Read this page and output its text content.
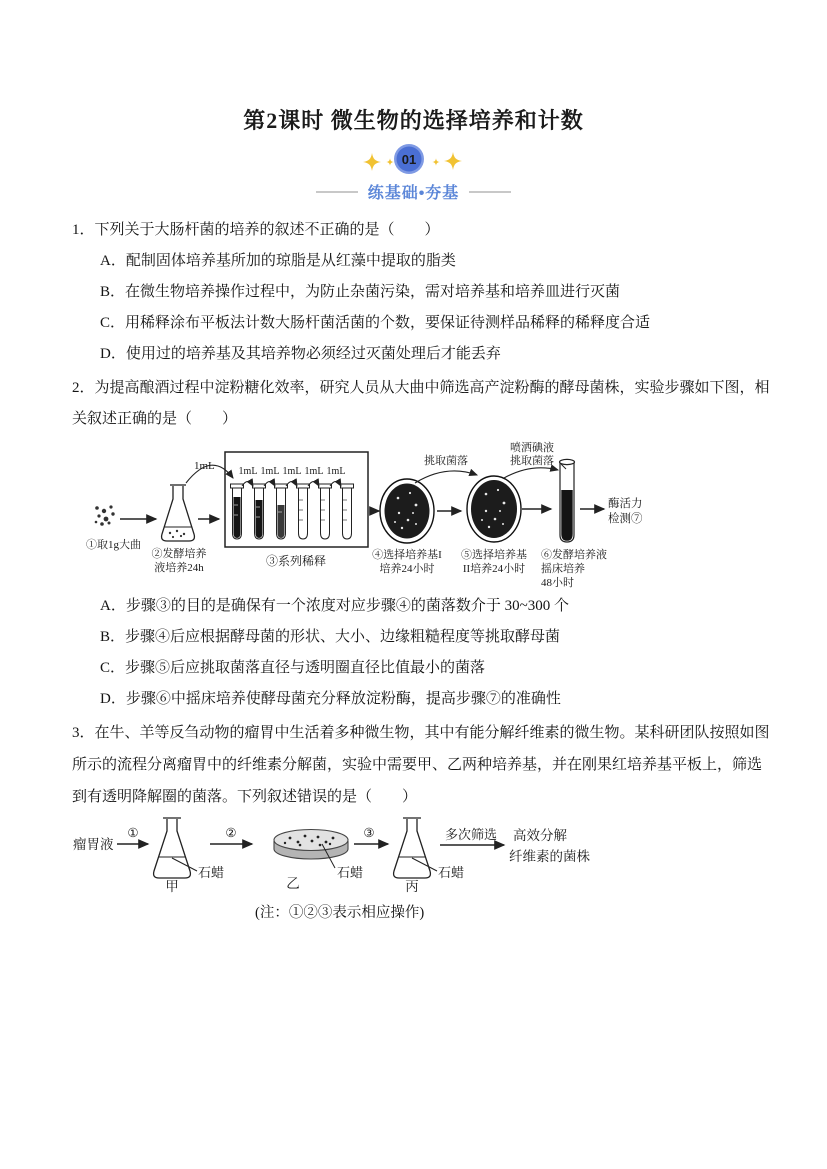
第2课时 微生物的选择培养和计数
01
练基础•夯基
1．下列关于大肠杆菌的培养的叙述不正确的是（　　）
A．配制固体培养基所加的琼脂是从红藻中提取的脂类
B．在微生物培养操作过程中，为防止杂菌污染，需对培养基和培养皿进行灭菌
C．用稀释涂布平板法计数大肠杆菌活菌的个数，要保证待测样品稀释的稀释度合适
D．使用过的培养基及其培养物必须经过灭菌处理后才能丢弃
2．为提高酿酒过程中淀粉糖化效率，研究人员从大曲中筛选高产淀粉酶的酵母菌株，实验步骤如下图，相
关叙述正确的是（　　）
①取1g大曲
②发酵培养
液培养24h
1mL 1mL 1mL 1mL 1mL 1mL
③系列稀释	④选择培养基I
培养24小时
挑取菌落
⑤选择培养基
II培养24小时
喷洒碘液
挑取菌落
⑥发酵培养液
摇床培养
48小时
酶活力
检测⑦
A．步骤③的目的是确保有一个浓度对应步骤④的菌落数介于 30~300 个
B．步骤④后应根据酵母菌的形状、大小、边缘粗糙程度等挑取酵母菌
C．步骤⑤后应挑取菌落直径与透明圈直径比值最小的菌落
D．步骤⑥中摇床培养使酵母菌充分释放淀粉酶，提高步骤⑦的准确性
3．在牛、羊等反刍动物的瘤胃中生活着多种微生物，其中有能分解纤维素的微生物。某科研团队按照如图
所示的流程分离瘤胃中的纤维素分解菌，实验中需要甲、乙两种培养基，并在刚果红培养基平板上，筛选
到有透明降解圈的菌落。下列叙述错误的是（　　）
瘤胃液
①
甲
石蜡
②
乙
石蜡
③
丙
石蜡
多次筛选 高效分解
纤维素的菌株
(注：①②③表示相应操作)
